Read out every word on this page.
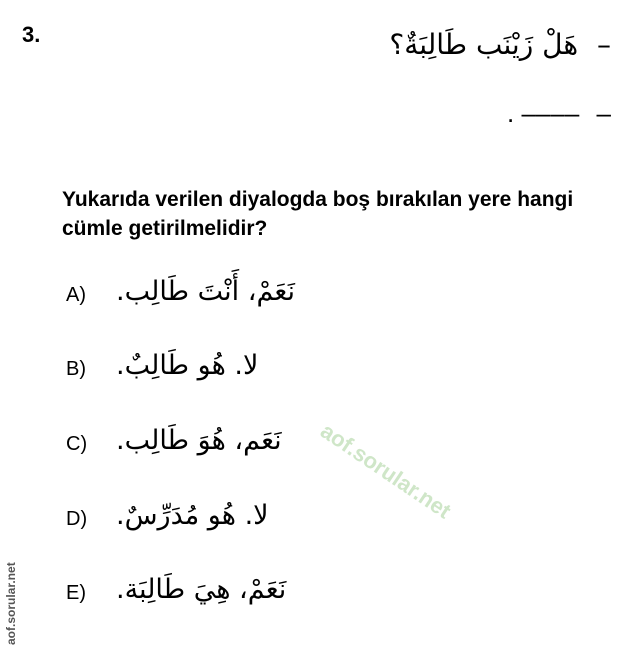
3.	– هَلْ زَيْنَب طَالِبَةٌ؟
– –––– .
Yukarıda verilen diyalogda boş bırakılan yere hangi cümle getirilmelidir?
A) نَعَمْ، أَنْتَ طَالِب.
B) لا. هُو طَالِبٌ.
C) نَعَم، هُوَ طَالِب.
D) لا. هُو مُدَرِّسٌ.
E) نَعَمْ، هِيَ طَالِبَة.
aof.sorular.net
aof.sorular.net
